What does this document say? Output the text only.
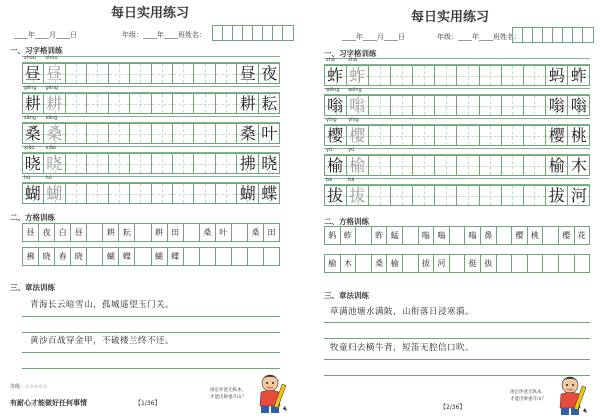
每日实用练习
____年____月____日	年级：____年____班姓名：
一、习字格训练
zhòu zhòu
昼 昼	昼 夜
gēng gēng
耕 耕	耕 耘
sāng sāng
桑 桑	桑 叶
xiǎo xiǎo
晓 晓	拂 晓
hú	hú
蝴 蝴	蝴 蝶
二、方格训练
昼	夜	白	昼	耕	耘	耕	田	桑	叶	桑	田
拂	晓	春	晓	蝴	蝶	蝴	蝶
三、章法训练
青海长云暗雪山，孤城遥望玉门关。
黄沙百战穿金甲，不破楼兰终不还。
等级：☆☆☆☆☆
有耐心才能做好任何事情	【1/36】
闲定坪意无纵本，
才能出辩重开山？
每日实用练习
____年____月____日	年级：____年____班姓名：
一、习字格训练
zhà	zhà
蚱 蚱	蚂 蚱
wēng wēng
嗡 嗡	嗡 嗡
yīng yīng
樱 樱	樱 桃
yú	yú
榆 榆	榆 木
bá	bá
拔 拔	拔 河
二、方格训练
蚂 蚱	蚱 蜢	嗡 嗡	嗡 鼻	樱 桃	樱 花
榆 木	桑 榆	拔 河	挺 拔
三、章法训练
草满池塘水满陂，山衔落日浸寒漪。
牧童归去横牛背，短笛无腔信口吹。
【2/36】
闲定坪意无纵本，
才能出辩重开山？
